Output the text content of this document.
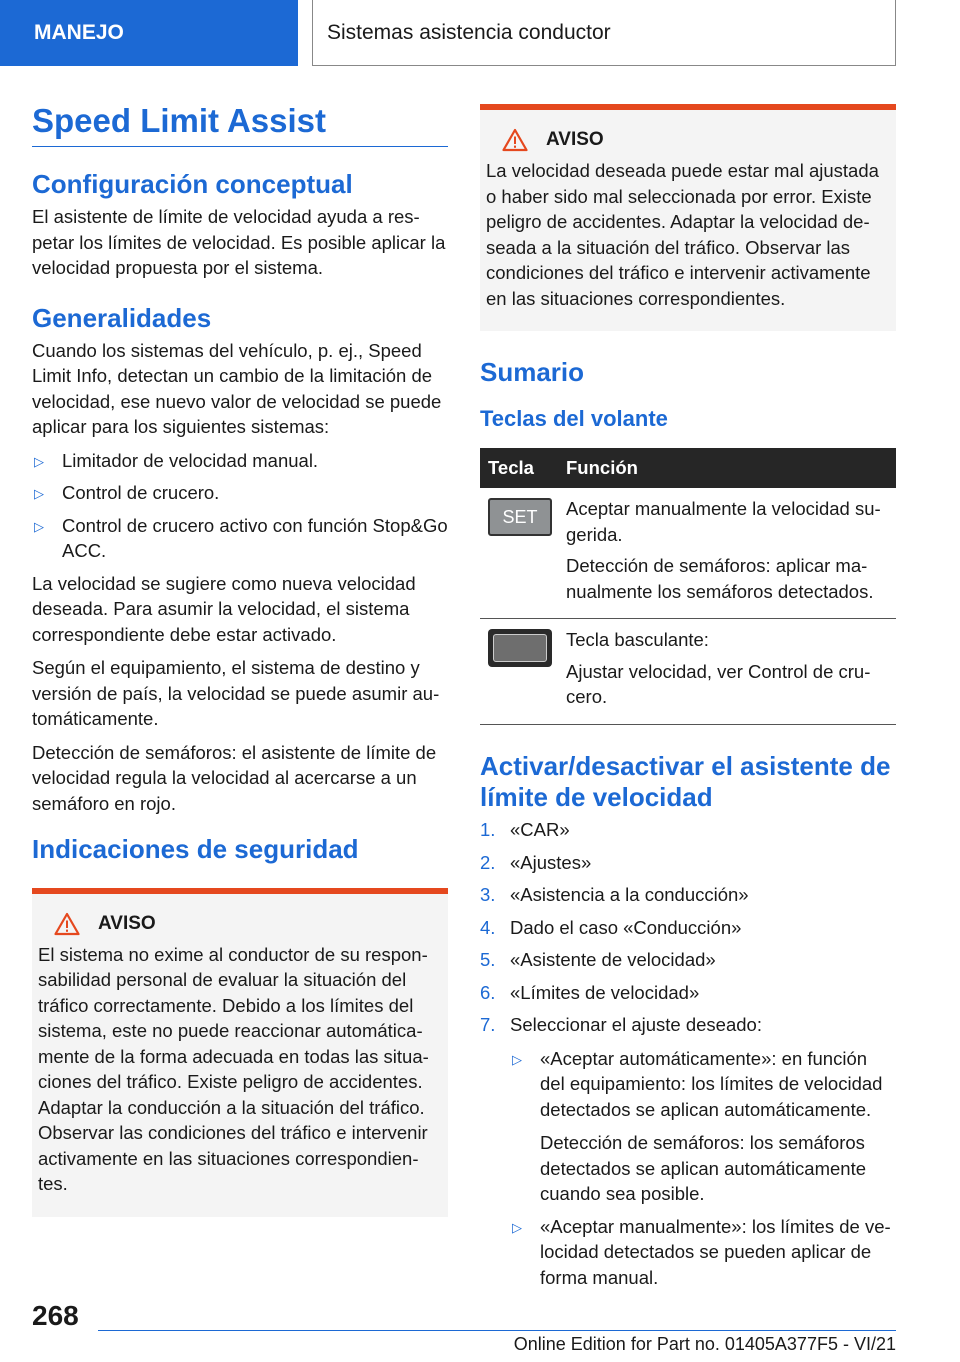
MANEJO	Sistemas asistencia conductor
Speed Limit Assist
Configuración conceptual

El asistente de límite de velocidad ayuda a respetar los límites de velocidad. Es posible aplicar la velocidad propuesta por el sistema.

Generalidades

Cuando los sistemas del vehículo, p. ej., Speed Limit Info, detectan un cambio de la limitación de velocidad, ese nuevo valor de velocidad se puede aplicar para los siguientes sistemas:

▷ Limitador de velocidad manual.
▷ Control de crucero.
▷ Control de crucero activo con función Stop&Go ACC.

La velocidad se sugiere como nueva velocidad deseada. Para asumir la velocidad, el sistema correspondiente debe estar activado.

Según el equipamiento, el sistema de destino y versión de país, la velocidad se puede asumir automáticamente.

Detección de semáforos: el asistente de límite de velocidad regula la velocidad al acercarse a un semáforo en rojo.

Indicaciones de seguridad
AVISO

El sistema no exime al conductor de su responsabilidad personal de evaluar la situación del tráfico correctamente. Debido a los límites del sistema, este no puede reaccionar automáticamente de la forma adecuada en todas las situaciones del tráfico. Existe peligro de accidentes. Adaptar la conducción a la situación del tráfico. Observar las condiciones del tráfico e intervenir activamente en las situaciones correspondientes.

AVISO

La velocidad deseada puede estar mal ajustada o haber sido mal seleccionada por error. Existe peligro de accidentes. Adaptar la velocidad deseada a la situación del tráfico. Observar las condiciones del tráfico e intervenir activamente en las situaciones correspondientes.

Sumario
Teclas del volante
Tecla	Función

SET	Aceptar manualmente la velocidad sugerida.

Detección de semáforos: aplicar manualmente los semáforos detectados.

	Tecla basculante:

Ajustar velocidad, ver Control de crucero.

Activar/desactivar el asistente de límite de velocidad
1. «CAR»
2. «Ajustes»
3. «Asistencia a la conducción»
4. Dado el caso «Conducción»
5. «Asistente de velocidad»
6. «Límites de velocidad»
7. Seleccionar el ajuste deseado:
▷ «Aceptar automáticamente»: en función del equipamiento: los límites de velocidad detectados se aplican automáticamente.

Detección de semáforos: los semáforos detectados se aplican automáticamente cuando sea posible.

▷ «Aceptar manualmente»: los límites de velocidad detectados se pueden aplicar de forma manual.
268
Online Edition for Part no. 01405A377F5 - VI/21
